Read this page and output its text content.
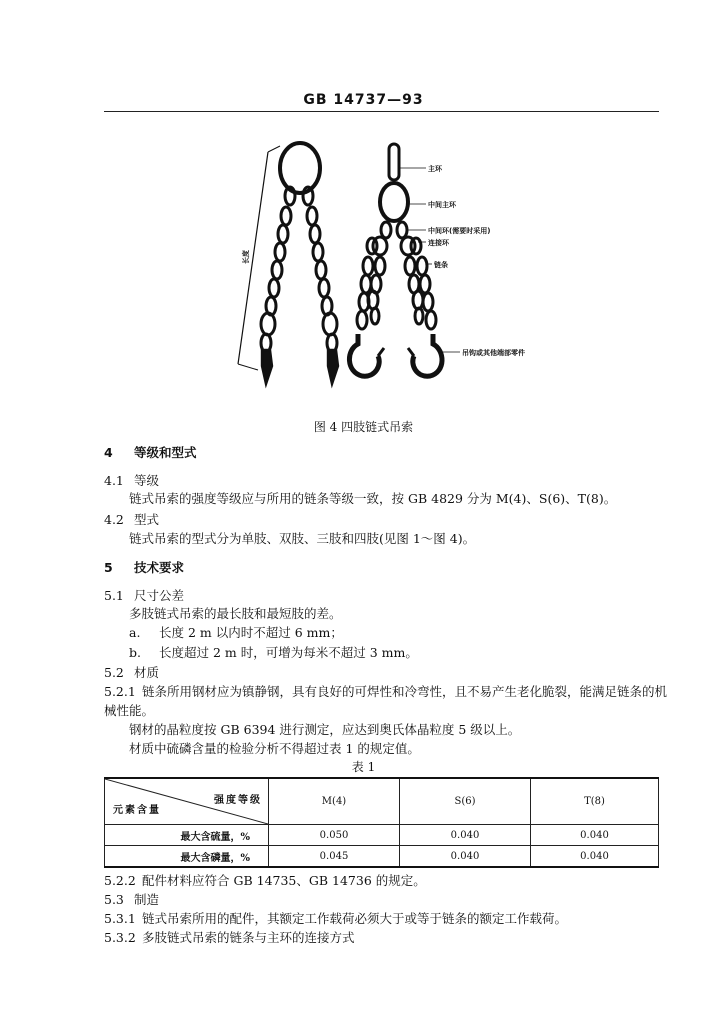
GB 14737—93
主环
中间主环
中间环(需要时采用)
连接环
链条
吊钩或其他端部零件
长度
图 4 四肢链式吊索
4 等级和型式
4.1 等级
链式吊索的强度等级应与所用的链条等级一致，按 GB 4829 分为 M(4)、S(6)、T(8)。
4.2 型式
链式吊索的型式分为单肢、双肢、三肢和四肢(见图 1～图 4)。
5 技术要求
5.1 尺寸公差
多肢链式吊索的最长肢和最短肢的差。
a. 长度 2 m 以内时不超过 6 mm；
b. 长度超过 2 m 时，可增为每米不超过 3 mm。
5.2 材质
5.2.1 链条所用钢材应为镇静钢，具有良好的可焊性和冷弯性，且不易产生老化脆裂，能满足链条的机
械性能。
钢材的晶粒度按 GB 6394 进行测定，应达到奥氏体晶粒度 5 级以上。
材质中硫磷含量的检验分析不得超过表 1 的规定值。
表 1
强度等级
元素含量	M(4)	S(6)	T(8)
最大含硫量，%	0.050	0.040	0.040
最大含磷量，%	0.045	0.040	0.040
5.2.2 配件材料应符合 GB 14735、GB 14736 的规定。
5.3 制造
5.3.1 链式吊索所用的配件，其额定工作载荷必须大于或等于链条的额定工作载荷。
5.3.2 多肢链式吊索的链条与主环的连接方式
